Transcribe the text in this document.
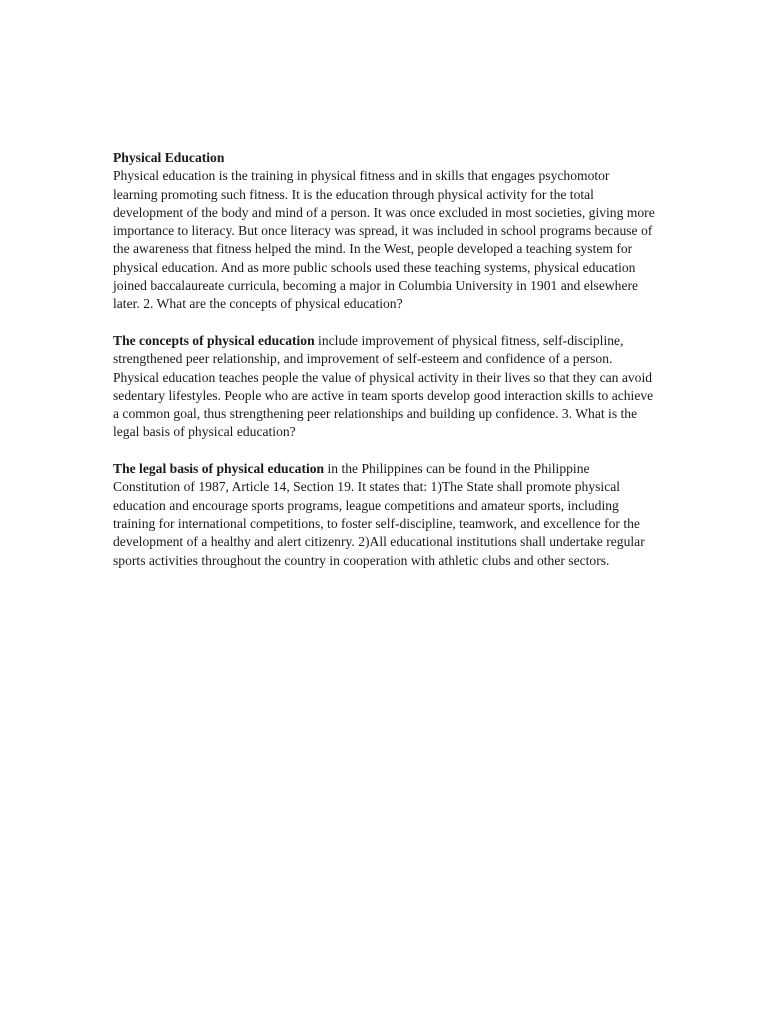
Physical Education

Physical education is the training in physical fitness and in skills that engages psychomotor learning promoting such fitness. It is the education through physical activity for the total development of the body and mind of a person. It was once excluded in most societies, giving more importance to literacy. But once literacy was spread, it was included in school programs because of the awareness that fitness helped the mind. In the West, people developed a teaching system for physical education. And as more public schools used these teaching systems, physical education joined baccalaureate curricula, becoming a major in Columbia University in 1901 and elsewhere later. 2. What are the concepts of physical education?

The concepts of physical education include improvement of physical fitness, self-discipline, strengthened peer relationship, and improvement of self-esteem and confidence of a person. Physical education teaches people the value of physical activity in their lives so that they can avoid sedentary lifestyles. People who are active in team sports develop good interaction skills to achieve a common goal, thus strengthening peer relationships and building up confidence. 3. What is the legal basis of physical education?

The legal basis of physical education in the Philippines can be found in the Philippine Constitution of 1987, Article 14, Section 19. It states that: 1)The State shall promote physical education and encourage sports programs, league competitions and amateur sports, including training for international competitions, to foster self-discipline, teamwork, and excellence for the development of a healthy and alert citizenry. 2)All educational institutions shall undertake regular sports activities throughout the country in cooperation with athletic clubs and other sectors.
